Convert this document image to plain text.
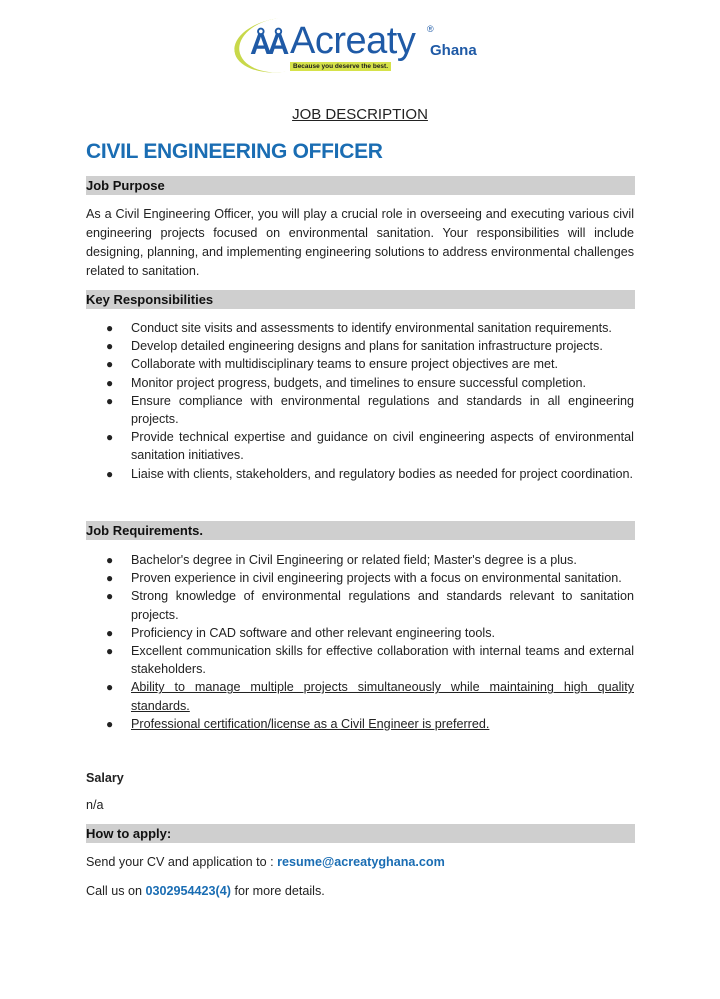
ÅÅ Acreaty ®
Ghana
Because you deserve the best.
JOB DESCRIPTION
CIVIL ENGINEERING OFFICER
Job Purpose
As a Civil Engineering Officer, you will play a crucial role in overseeing and executing various civil engineering projects focused on environmental sanitation. Your responsibilities will include designing, planning, and implementing engineering solutions to address environmental challenges related to sanitation.
Key Responsibilities
● Conduct site visits and assessments to identify environmental sanitation requirements.
● Develop detailed engineering designs and plans for sanitation infrastructure projects.
● Collaborate with multidisciplinary teams to ensure project objectives are met.
● Monitor project progress, budgets, and timelines to ensure successful completion.
● Ensure compliance with environmental regulations and standards in all engineering projects.
● Provide technical expertise and guidance on civil engineering aspects of environmental sanitation initiatives.
● Liaise with clients, stakeholders, and regulatory bodies as needed for project coordination.
Job Requirements.
● Bachelor's degree in Civil Engineering or related field; Master's degree is a plus.
● Proven experience in civil engineering projects with a focus on environmental sanitation.
● Strong knowledge of environmental regulations and standards relevant to sanitation projects.
● Proficiency in CAD software and other relevant engineering tools.
● Excellent communication skills for effective collaboration with internal teams and external stakeholders.
● Ability to manage multiple projects simultaneously while maintaining high quality standards.
● Professional certification/license as a Civil Engineer is preferred.
Salary
n/a
How to apply:
Send your CV and application to : resume@acreatyghana.com
Call us on 0302954423(4) for more details.
